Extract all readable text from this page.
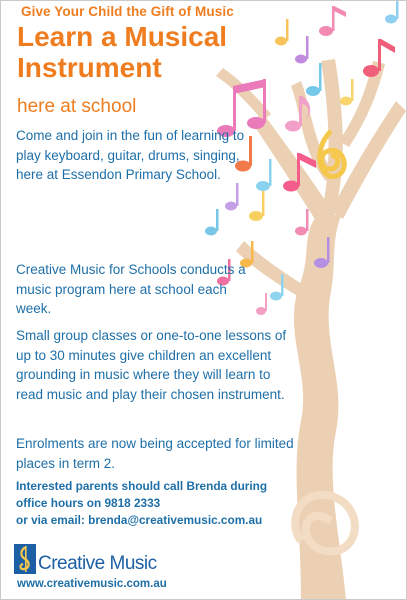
Give Your Child the Gift of Music
Learn a Musical
Instrument
here at school
Come and join in the fun of learning to play keyboard, guitar, drums, singing, here at Essendon Primary School.
Creative Music for Schools conducts a music program here at school each week.
Small group classes or one-to-one lessons of up to 30 minutes give children an excellent grounding in music where they will learn to read music and play their chosen instrument.
Enrolments are now being accepted for limited places in term 2.
Interested parents should call Brenda during
office hours on 9818 2333
or via email: brenda@creativemusic.com.au
Creative Music
www.creativemusic.com.au
